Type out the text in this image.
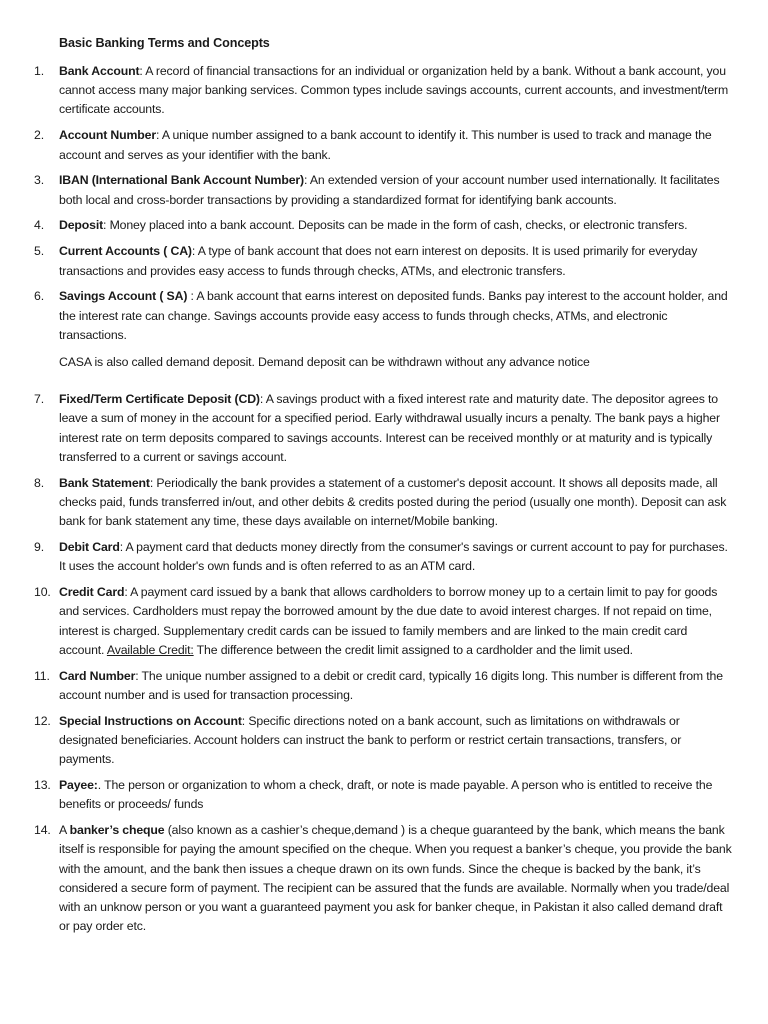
Basic Banking Terms and Concepts
1.	Bank Account: A record of financial transactions for an individual or organization held by a bank. Without a bank account, you cannot access many major banking services. Common types include savings accounts, current accounts, and investment/term certificate accounts.
2.	Account Number: A unique number assigned to a bank account to identify it. This number is used to track and manage the account and serves as your identifier with the bank.
3.	IBAN (International Bank Account Number): An extended version of your account number used internationally. It facilitates both local and cross-border transactions by providing a standardized format for identifying bank accounts.
4.	Deposit: Money placed into a bank account. Deposits can be made in the form of cash, checks, or electronic transfers.
5.	Current Accounts ( CA): A type of bank account that does not earn interest on deposits. It is used primarily for everyday transactions and provides easy access to funds through checks, ATMs, and electronic transfers.
6.	Savings Account ( SA) : A bank account that earns interest on deposited funds. Banks pay interest to the account holder, and the interest rate can change. Savings accounts provide easy access to funds through checks, ATMs, and electronic transactions.
CASA is also called demand deposit. Demand deposit can be withdrawn without any advance notice
7.	Fixed/Term Certificate Deposit (CD): A savings product with a fixed interest rate and maturity date. The depositor agrees to leave a sum of money in the account for a specified period. Early withdrawal usually incurs a penalty. The bank pays a higher interest rate on term deposits compared to savings accounts. Interest can be received monthly or at maturity and is typically transferred to a current or savings account.
8.	Bank Statement: Periodically the bank provides a statement of a customer's deposit account. It shows all deposits made, all checks paid, funds transferred in/out, and other debits & credits posted during the period (usually one month). Deposit can ask bank for bank statement any time, these days available on internet/Mobile banking.
9.	Debit Card: A payment card that deducts money directly from the consumer's savings or current account to pay for purchases. It uses the account holder's own funds and is often referred to as an ATM card.
10. Credit Card: A payment card issued by a bank that allows cardholders to borrow money up to a certain limit to pay for goods and services. Cardholders must repay the borrowed amount by the due date to avoid interest charges. If not repaid on time, interest is charged. Supplementary credit cards can be issued to family members and are linked to the main credit card account. Available Credit: The difference between the credit limit assigned to a cardholder and the limit used.
11. Card Number: The unique number assigned to a debit or credit card, typically 16 digits long. This number is different from the account number and is used for transaction processing.
12. Special Instructions on Account: Specific directions noted on a bank account, such as limitations on withdrawals or designated beneficiaries. Account holders can instruct the bank to perform or restrict certain transactions, transfers, or payments.
13. Payee:. The person or organization to whom a check, draft, or note is made payable. A person who is entitled to receive the benefits or proceeds/ funds
14. A banker’s cheque (also known as a cashier’s cheque,demand ) is a cheque guaranteed by the bank, which means the bank itself is responsible for paying the amount specified on the cheque. When you request a banker’s cheque, you provide the bank with the amount, and the bank then issues a cheque drawn on its own funds. Since the cheque is backed by the bank, it’s considered a secure form of payment. The recipient can be assured that the funds are available. Normally when you trade/deal with an unknow person or you want a guaranteed payment you ask for banker cheque, in Pakistan it also called demand draft or pay order etc.
